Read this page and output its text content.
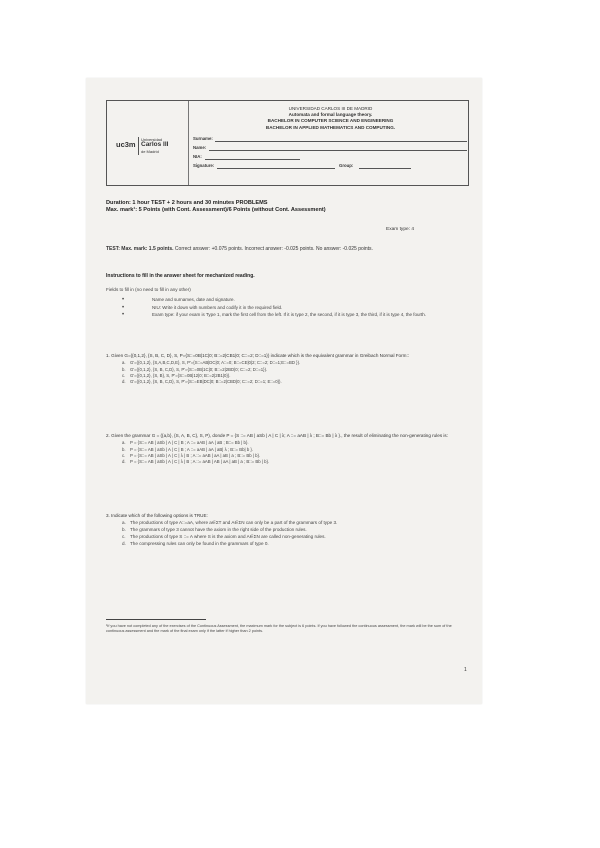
uc3m
Universidad
Carlos III
de Madrid
UNIVERSIDAD CARLOS III DE MADRID
Automata and formal language theory.
BACHELOR IN COMPUTER SCIENCE AND ENGINEERING
BACHELOR IN APPLIED MATHEMATICS AND COMPUTING.
Surname:
Name:
NIA:
Signature:	Group:
Duration: 1 hour TEST + 2 hours and 30 minutes PROBLEMS
Max. mark¹: 5 Points (with Cont. Assessment)/6 Points (without Cont. Assessment)
Exam type: 4
TEST: Max. mark: 1.5 points. Correct answer: +0.075 points. Incorrect answer: -0.025 points. No answer: -0.025 points.
Instructions to fill in the answer sheet for mechanized reading.
Fields to fill in (no need to fill in any other)
•	Name and surnames, date and signature.
•	NIU: Write it down with numbers and codify it in the required field.
•	Exam type: if your exam is Type 1, mark the first cell from the left. If it is type 2, the second, if it is type 3, the third, if it is type 4, the fourth.
1. Given G=({0,1,2}, {S, B, C, D}, S, P={S::=0B|1C|0; B::=2|CB1|0; C::=2; D::=1}) indicate which is the equivalent grammar in Greibach Normal Form::
a. G'=({0,1,2}, {S,A,B,C,D,E}, S, P'={S::=AB|DC|0; A::=0; B::=CE|0|2; C::=2; D::=1;E::=BD }).
b. G'=({0,1,2}, {S, B, C,D}, S, P'={S::=0B|1C|0; B::=2|2BD|0; C::=2; D::=1}).
c. G'=({0,1,2}, {S, B}, S, P'={S::=0B|12|0; B::=2|2B1|0}).
d. G'=({0,1,2}, {S, B, C,D}, S, P'={S::=EB|DC|0; B::=2|CBD|0; C::=2; D::=1; E::=0}).
2. Given the grammar G = ({a,b}, {S, A, B, C}, S, P), donde P = {S ::= AB | aSb | A | C | λ; A ::= aAB | λ ; B::= Bb | λ }., the result of eliminating the non-generating rules is:
a. P = {S::= AB | aSb | A | C | B ; A ::= aAB | aA | aB ; B::= Bb | b}.
b. P = {S::= AB | aSb | A | C | B ; A ::= aAB | aA | aB| λ ; B::= Bb| b }.
c. P = {S::= AB | aSb | A | C | λ | B ; A ::= aAB | aA | aB | a ; B::= Bb | b}.
d. P = {S::= AB | aSb | A | C | λ | B ; A ::= aAB | AB | aA | aB | a ; B::= Bb | b}.
3. Indicate which of the following options is TRUE:
a. The productions of type A::=aA, where a∈ΣT and A∈ΣN can only be a part of the grammars of type 3.
b. The grammars of type 3 cannot have the axiom in the right side of the production rules.
c. The productions of type S ::= A where S is the axiom and A∈ΣN are called non-generating rules.
d. The compressing rules can only be found in the grammars of type 0.
¹If you have not completed any of the exercises of the Continuous Assessment, the maximum mark for the subject is 6 points. If you have followed the continuous assessment, the mark will be the sum of the continuous assessment and the mark of the final exam only if the latter if higher than 2 points.
1
